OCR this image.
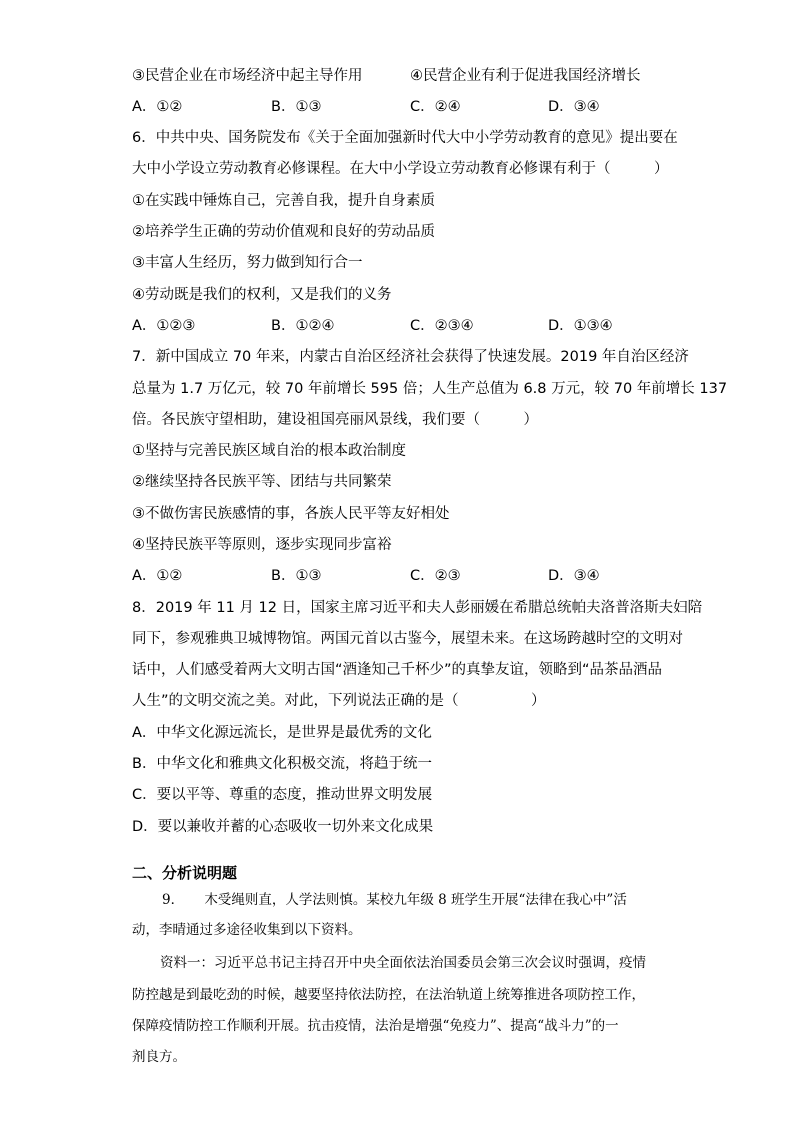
③民营企业在市场经济中起主导作用	④民营企业有利于促进我国经济增长
A．①②	B．①③	C．②④	D．③④
6．中共中央、国务院发布《关于全面加强新时代大中小学劳动教育的意见》提出要在
大中小学设立劳动教育必修课程。在大中小学设立劳动教育必修课有利于（　　　）
①在实践中锤炼自己，完善自我，提升自身素质
②培养学生正确的劳动价值观和良好的劳动品质
③丰富人生经历，努力做到知行合一
④劳动既是我们的权利，又是我们的义务
A．①②③	B．①②④	C．②③④	D．①③④
7．新中国成立 70 年来，内蒙古自治区经济社会获得了快速发展。2019 年自治区经济
总量为 1.7 万亿元，较 70 年前增长 595 倍；人生产总值为 6.8 万元，较 70 年前增长 137
倍。各民族守望相助，建设祖国亮丽风景线，我们要（　　　）
①坚持与完善民族区域自治的根本政治制度
②继续坚持各民族平等、团结与共同繁荣
③不做伤害民族感情的事，各族人民平等友好相处
④坚持民族平等原则，逐步实现同步富裕
A．①②	B．①③	C．②③	D．③④
8．2019 年 11 月 12 日，国家主席习近平和夫人彭丽媛在希腊总统帕夫洛普洛斯夫妇陪
同下，参观雅典卫城博物馆。两国元首以古鉴今，展望未来。在这场跨越时空的文明对
话中，人们感受着两大文明古国“酒逢知己千杯少”的真挚友谊，领略到“品茶品酒品
人生”的文明交流之美。对此，下列说法正确的是（　　　　　）
A．中华文化源远流长，是世界是最优秀的文化
B．中华文化和雅典文化积极交流，将趋于统一
C．要以平等、尊重的态度，推动世界文明发展
D．要以兼收并蓄的心态吸收一切外来文化成果
二、分析说明题
9．　　木受绳则直，人学法则慎。某校九年级 8 班学生开展“法律在我心中”活
动，李晴通过多途径收集到以下资料。
资料一：习近平总书记主持召开中央全面依法治国委员会第三次会议时强调，疫情
防控越是到最吃劲的时候，越要坚持依法防控，在法治轨道上统筹推进各项防控工作，
保障疫情防控工作顺利开展。抗击疫情，法治是增强“免疫力”、提高“战斗力”的一
剂良方。
